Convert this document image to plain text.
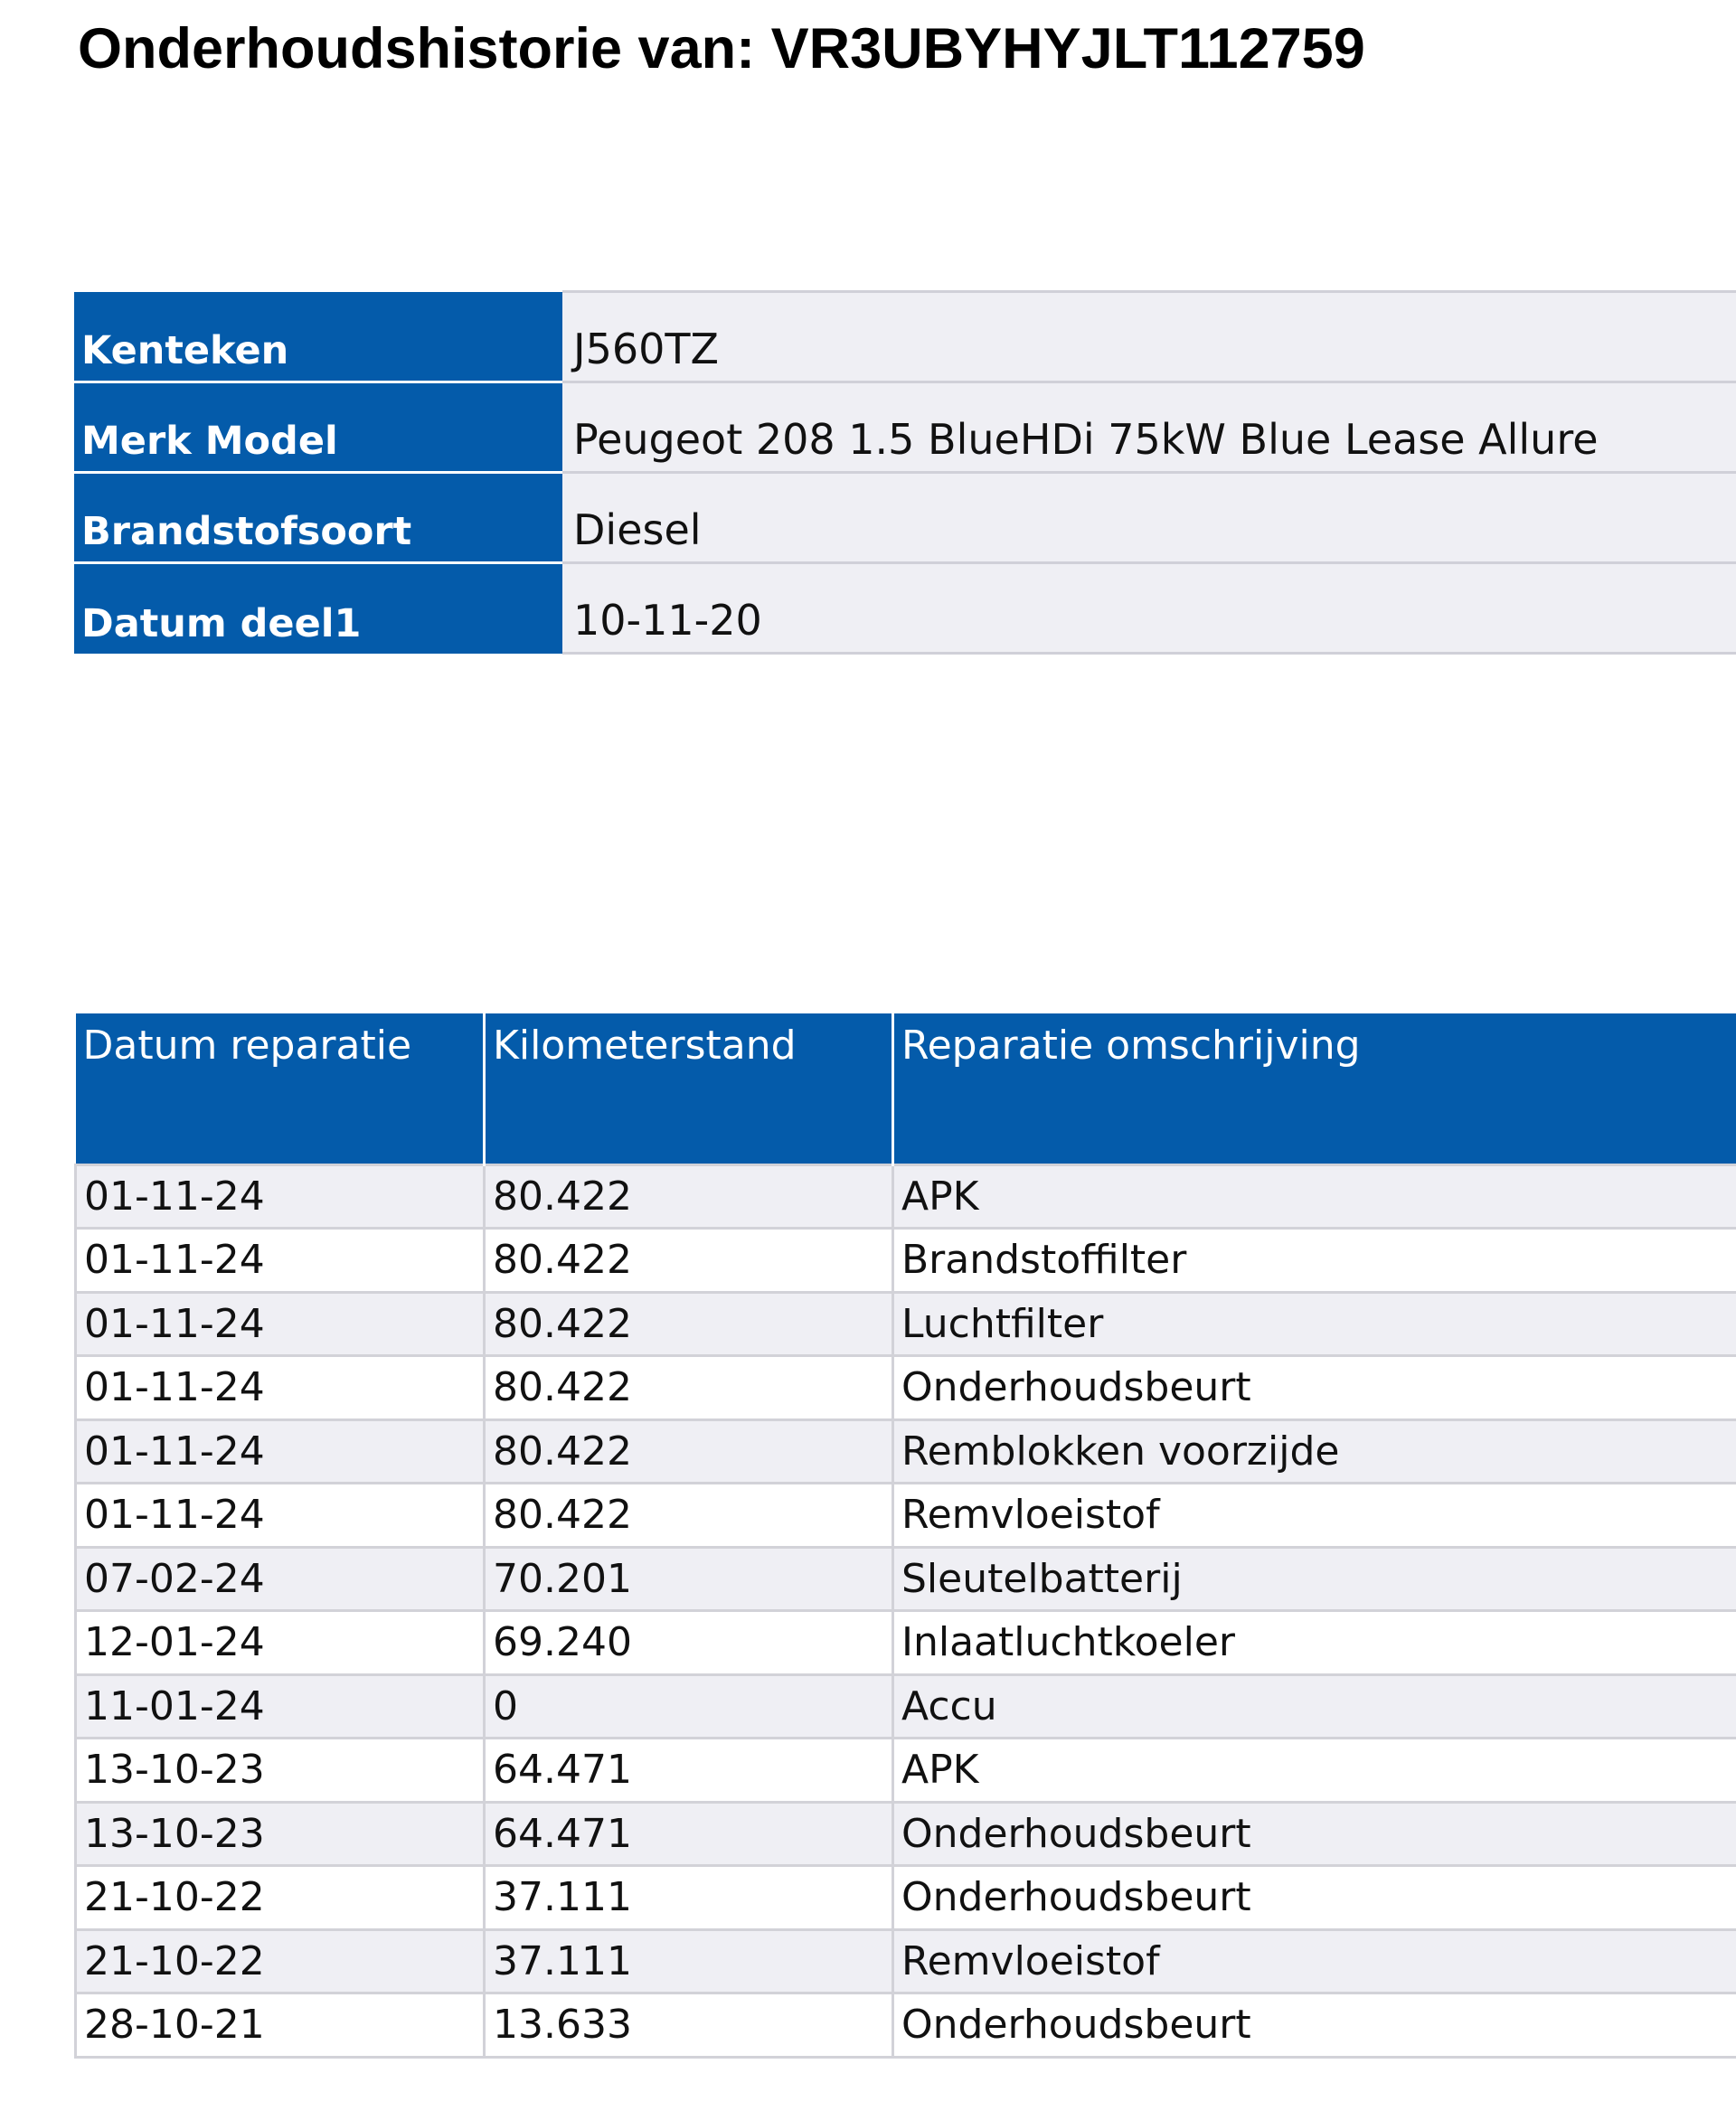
Onderhoudshistorie van: VR3UBYHYJLT112759
Kenteken	J560TZ
Merk Model	Peugeot 208 1.5 BlueHDi 75kW Blue Lease Allure
Brandstofsoort	Diesel
Datum deel1	10-11-20
Datum reparatie	Kilometerstand	Reparatie omschrijving
01-11-24	80.422	APK
01-11-24	80.422	Brandstoffilter
01-11-24	80.422	Luchtfilter
01-11-24	80.422	Onderhoudsbeurt
01-11-24	80.422	Remblokken voorzijde
01-11-24	80.422	Remvloeistof
07-02-24	70.201	Sleutelbatterij
12-01-24	69.240	Inlaatluchtkoeler
11-01-24	0	Accu
13-10-23	64.471	APK
13-10-23	64.471	Onderhoudsbeurt
21-10-22	37.111	Onderhoudsbeurt
21-10-22	37.111	Remvloeistof
28-10-21	13.633	Onderhoudsbeurt
